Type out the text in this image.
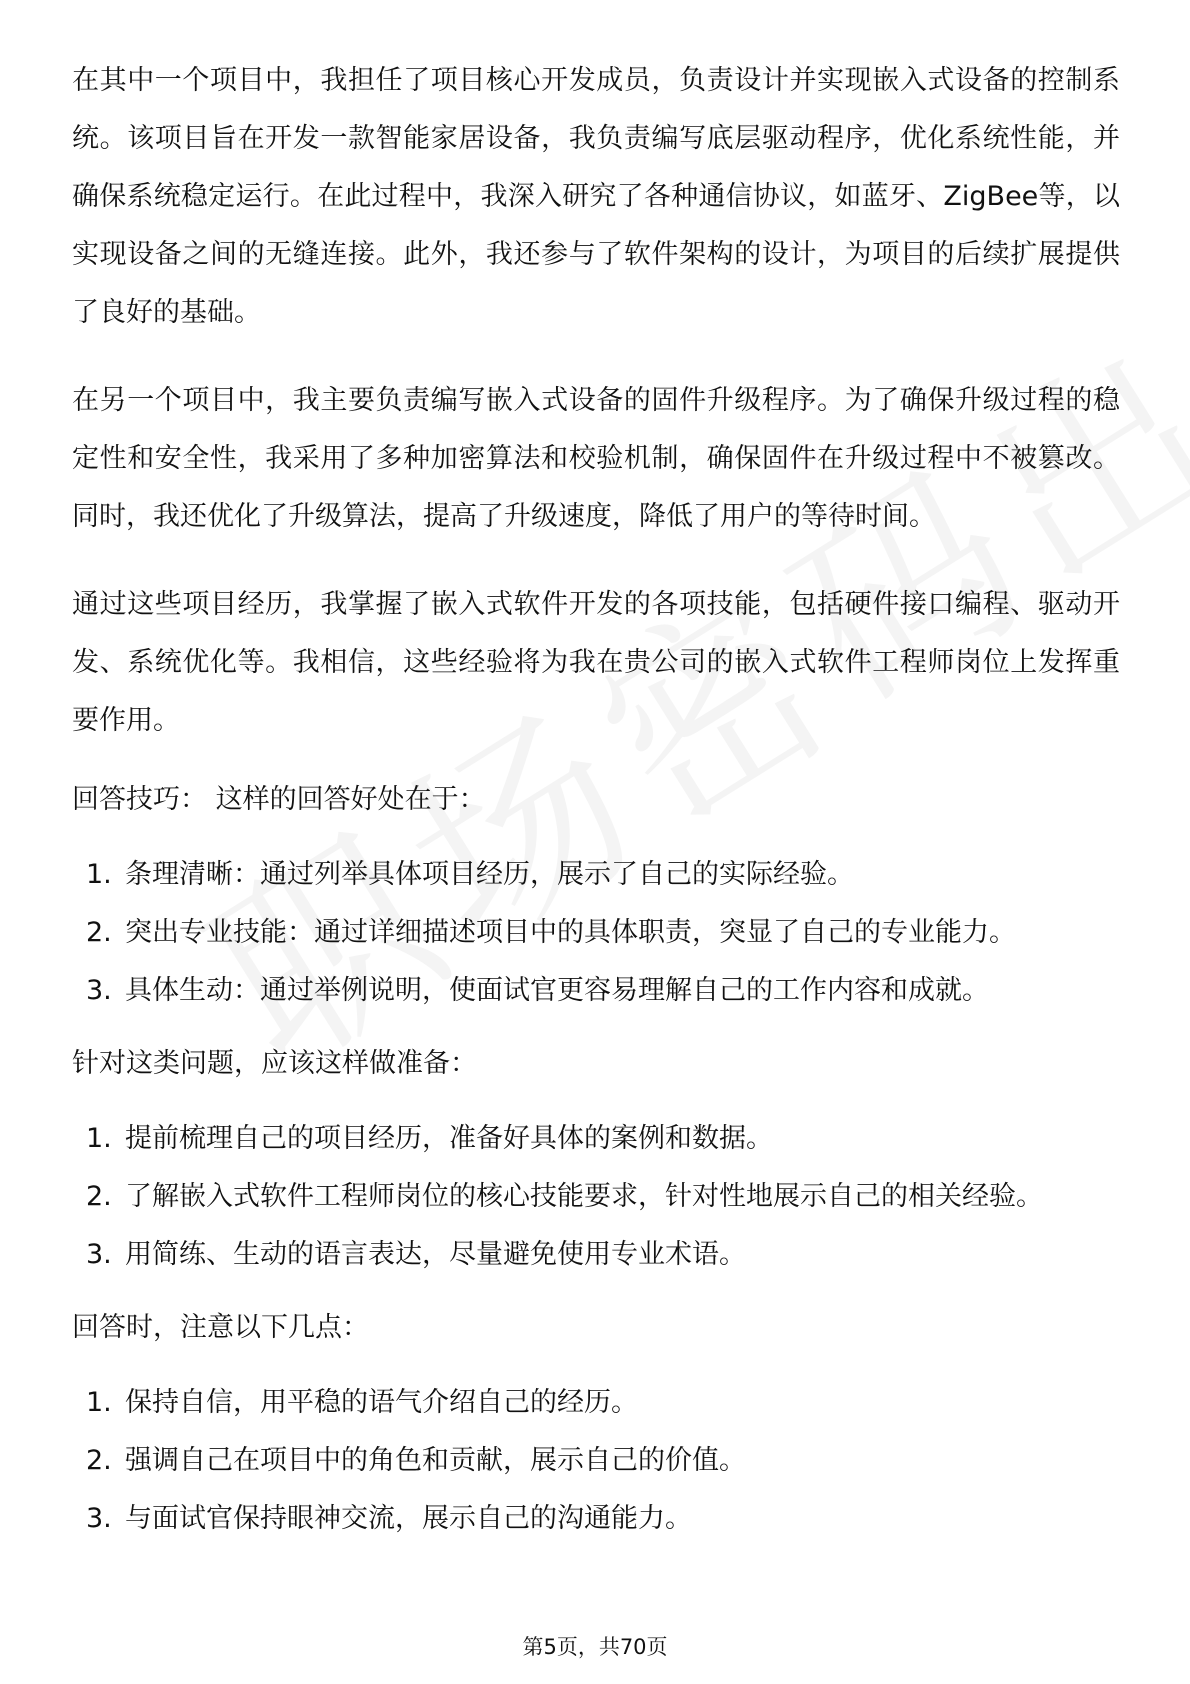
在其中一个项目中，我担任了项目核心开发成员，负责设计并实现嵌入式设备的控制系统。该项目旨在开发一款智能家居设备，我负责编写底层驱动程序，优化系统性能，并确保系统稳定运行。在此过程中，我深入研究了各种通信协议，如蓝牙、ZigBee等，以实现设备之间的无缝连接。此外，我还参与了软件架构的设计，为项目的后续扩展提供了良好的基础。

在另一个项目中，我主要负责编写嵌入式设备的固件升级程序。为了确保升级过程的稳定性和安全性，我采用了多种加密算法和校验机制，确保固件在升级过程中不被篡改。同时，我还优化了升级算法，提高了升级速度，降低了用户的等待时间。

通过这些项目经历，我掌握了嵌入式软件开发的各项技能，包括硬件接口编程、驱动开发、系统优化等。我相信，这些经验将为我在贵公司的嵌入式软件工程师岗位上发挥重要作用。

回答技巧： 这样的回答好处在于：
1. 条理清晰：通过列举具体项目经历，展示了自己的实际经验。
2. 突出专业技能：通过详细描述项目中的具体职责，突显了自己的专业能力。
3. 具体生动：通过举例说明，使面试官更容易理解自己的工作内容和成就。
针对这类问题，应该这样做准备：
1. 提前梳理自己的项目经历，准备好具体的案例和数据。
2. 了解嵌入式软件工程师岗位的核心技能要求，针对性地展示自己的相关经验。
3. 用简练、生动的语言表达，尽量避免使用专业术语。
回答时，注意以下几点：
1. 保持自信，用平稳的语气介绍自己的经历。
2. 强调自己在项目中的角色和贡献，展示自己的价值。
3. 与面试官保持眼神交流，展示自己的沟通能力。
第5页，共70页
